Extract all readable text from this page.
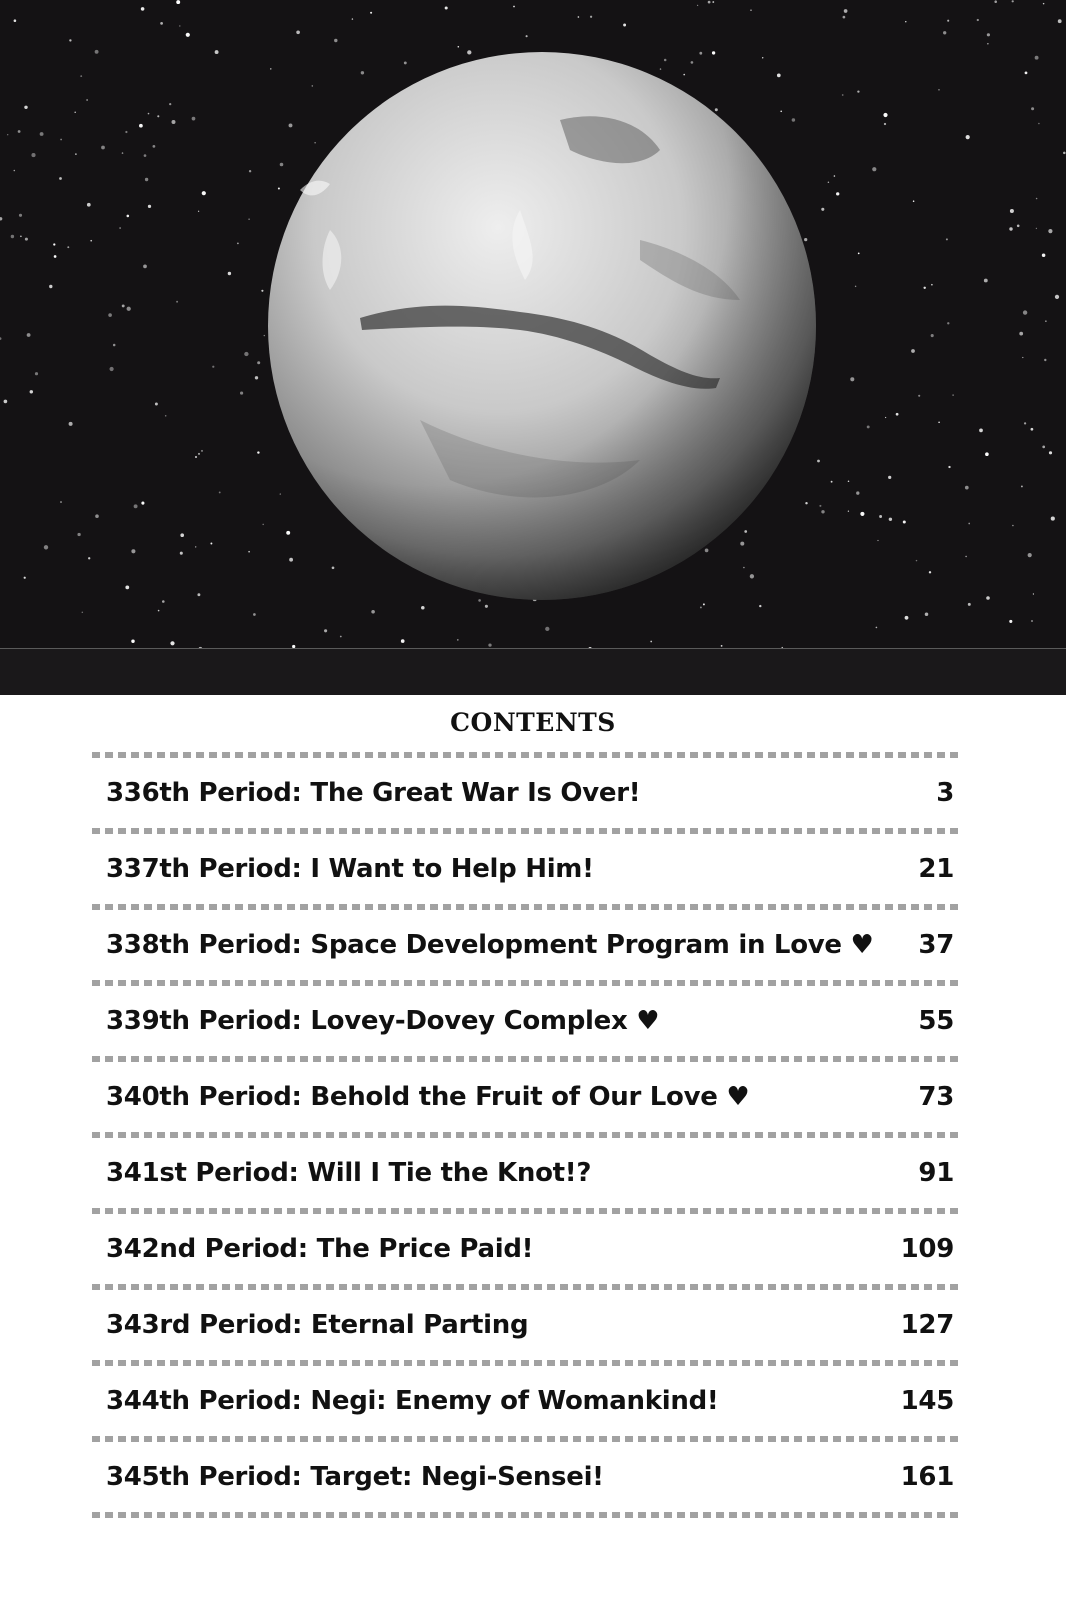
CONTENTS
336th Period: The Great War Is Over!	3
337th Period: I Want to Help Him!	21
338th Period: Space Development Program in Love ♥	37
339th Period: Lovey-Dovey Complex ♥	55
340th Period: Behold the Fruit of Our Love ♥	73
341st Period: Will I Tie the Knot!?	91
342nd Period: The Price Paid!	109
343rd Period: Eternal Parting	127
344th Period: Negi: Enemy of Womankind!	145
345th Period: Target: Negi-Sensei!	161
